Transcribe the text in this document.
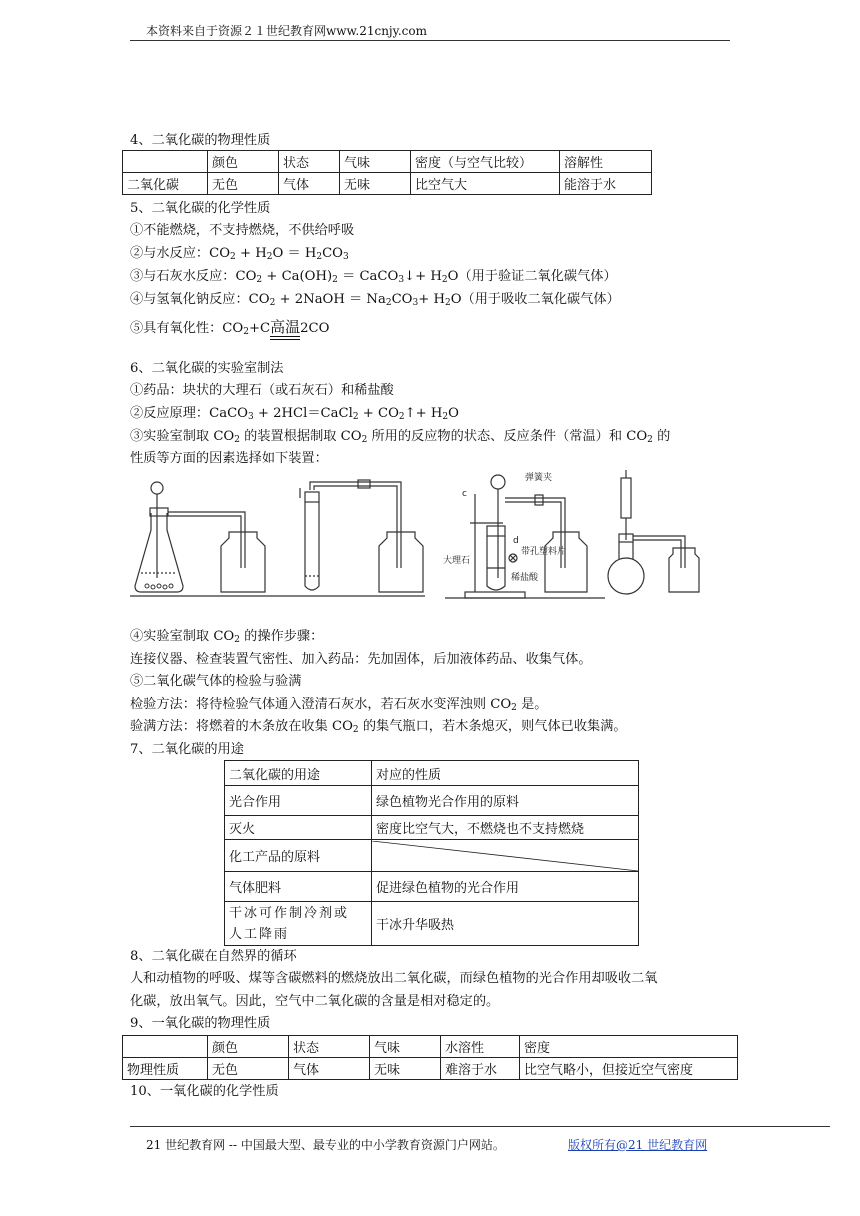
本资料来自于资源２１世纪教育网www.21cnjy.com
4、二氧化碳的物理性质
	颜色	状态	气味	密度（与空气比较）	溶解性
二氧化碳	无色	气体	无味	比空气大	能溶于水
5、二氧化碳的化学性质
①不能燃烧，不支持燃烧，不供给呼吸
②与水反应：$CO_2 + H_2O = H_2CO_3$
③与石灰水反应：$CO_2 + Ca(OH)_2$ ＝ CaCO$_3$↓+ $H_2O$（用于验证二氧化碳气体）
④与氢氧化钠反应：$CO_2$ + 2NaOH ＝ $Na_2CO_3+ H_2O$（用于吸收二氧化碳气体）
⑤具有氧化性：$CO_2+C$高温2CO
6、二氧化碳的实验室制法
①药品：块状的大理石（或石灰石）和稀盐酸
②反应原理：CaCO$_3$ + 2HCl＝CaCl$_2$ + $CO_2↑+ H_2O$
③实验室制取 $CO_2$ 的装置根据制取 $CO_2$ 所用的反应物的状态、反应条件（常温）和 $CO_2$ 的
性质等方面的因素选择如下装置：
弹簧夹
c
d
带孔塑料片
大理石
稀盐酸
④实验室制取 $CO_2$ 的操作步骤：
连接仪器、检查装置气密性、加入药品：先加固体，后加液体药品、收集气体。
⑤二氧化碳气体的检验与验满
检验方法：将待检验气体通入澄清石灰水，若石灰水变浑浊则 $CO_2$ 是。
验满方法：将燃着的木条放在收集 $CO_2$ 的集气瓶口，若木条熄灭，则气体已收集满。
7、二氧化碳的用途
二氧化碳的用途	对应的性质
光合作用	绿色植物光合作用的原料
灭火	密度比空气大，不燃烧也不支持燃烧
化工产品的原料	

气体肥料	促进绿色植物的光合作用
干冰可作制冷剂或
人工降雨	干冰升华吸热
8、二氧化碳在自然界的循环
人和动植物的呼吸、煤等含碳燃料的燃烧放出二氧化碳，而绿色植物的光合作用却吸收二氧
化碳，放出氧气。因此，空气中二氧化碳的含量是相对稳定的。
9、一氧化碳的物理性质
	颜色	状态	气味	水溶性	密度
物理性质	无色	气体	无味	难溶于水	比空气略小，但接近空气密度
10、一氧化碳的化学性质
21 世纪教育网 -- 中国最大型、最专业的中小学教育资源门户网站。	版权所有@21 世纪教育网
